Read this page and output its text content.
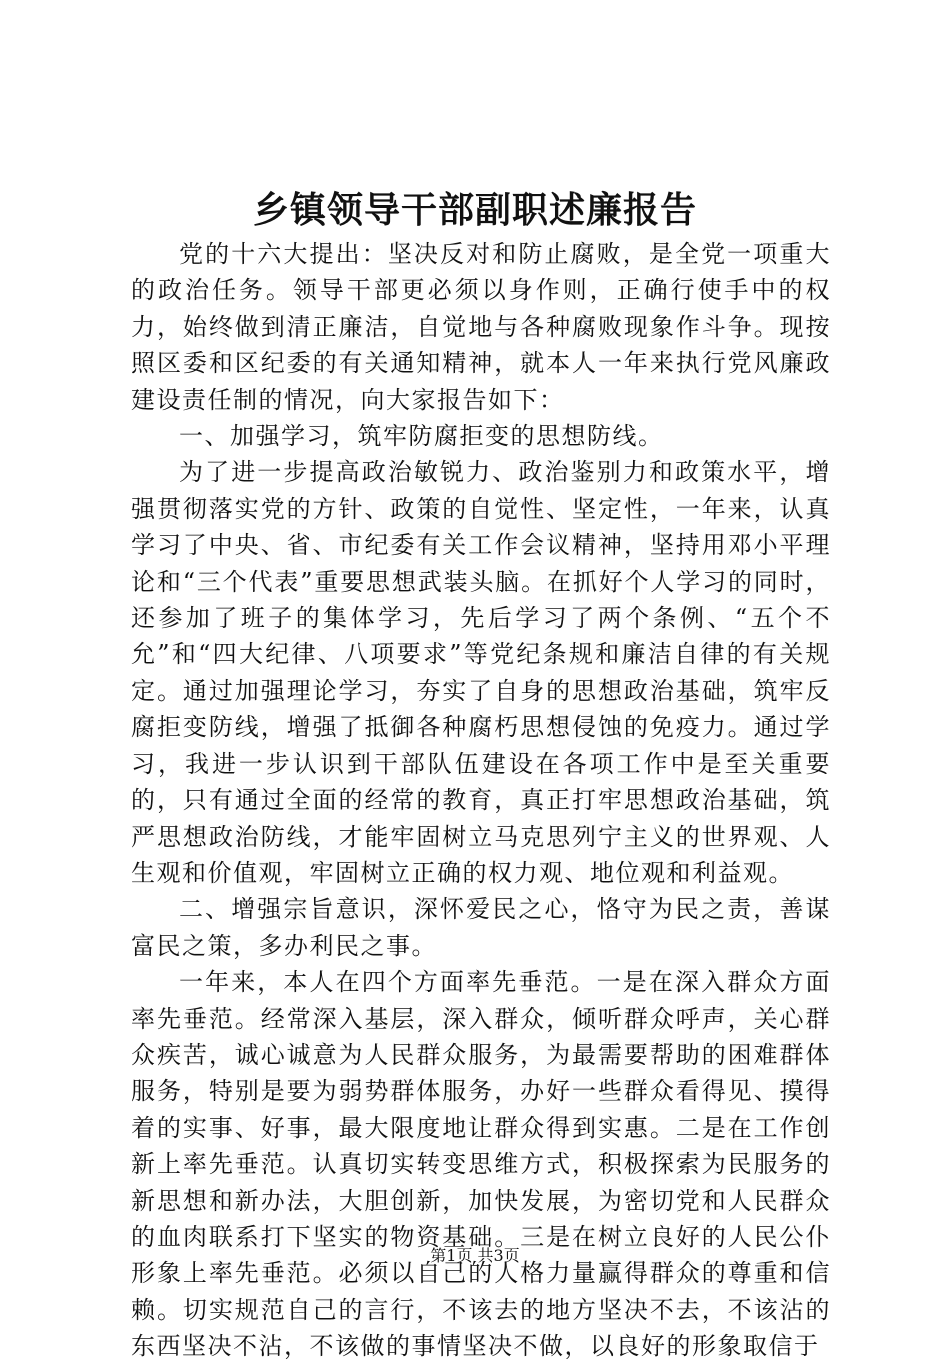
乡镇领导干部副职述廉报告

党的十六大提出：坚决反对和防止腐败，是全党一项重大的政治任务。领导干部更必须以身作则，正确行使手中的权力，始终做到清正廉洁，自觉地与各种腐败现象作斗争。现按照区委和区纪委的有关通知精神，就本人一年来执行党风廉政建设责任制的情况，向大家报告如下：

一、加强学习，筑牢防腐拒变的思想防线。

为了进一步提高政治敏锐力、政治鉴别力和政策水平，增强贯彻落实党的方针、政策的自觉性、坚定性，一年来，认真学习了中央、省、市纪委有关工作会议精神，坚持用邓小平理论和“三个代表”重要思想武装头脑。在抓好个人学习的同时，还参加了班子的集体学习，先后学习了两个条例、“五个不允”和“四大纪律、八项要求”等党纪条规和廉洁自律的有关规定。通过加强理论学习，夯实了自身的思想政治基础，筑牢反腐拒变防线，增强了抵御各种腐朽思想侵蚀的免疫力。通过学习，我进一步认识到干部队伍建设在各项工作中是至关重要的，只有通过全面的经常的教育，真正打牢思想政治基础，筑严思想政治防线，才能牢固树立马克思列宁主义的世界观、人生观和价值观，牢固树立正确的权力观、地位观和利益观。

二、增强宗旨意识，深怀爱民之心，恪守为民之责，善谋富民之策，多办利民之事。

一年来，本人在四个方面率先垂范。一是在深入群众方面率先垂范。经常深入基层，深入群众，倾听群众呼声，关心群众疾苦，诚心诚意为人民群众服务，为最需要帮助的困难群体服务，特别是要为弱势群体服务，办好一些群众看得见、摸得着的实事、好事，最大限度地让群众得到实惠。二是在工作创新上率先垂范。认真切实转变思维方式，积极探索为民服务的新思想和新办法，大胆创新，加快发展，为密切党和人民群众的血肉联系打下坚实的物资基础。三是在树立良好的人民公仆形象上率先垂范。必须以自己的人格力量赢得群众的尊重和信赖。切实规范自己的言行，不该去的地方坚决不去，不该沾的东西坚决不沾，不该做的事情坚决不做，以良好的形象取信于

第1页 共3页
